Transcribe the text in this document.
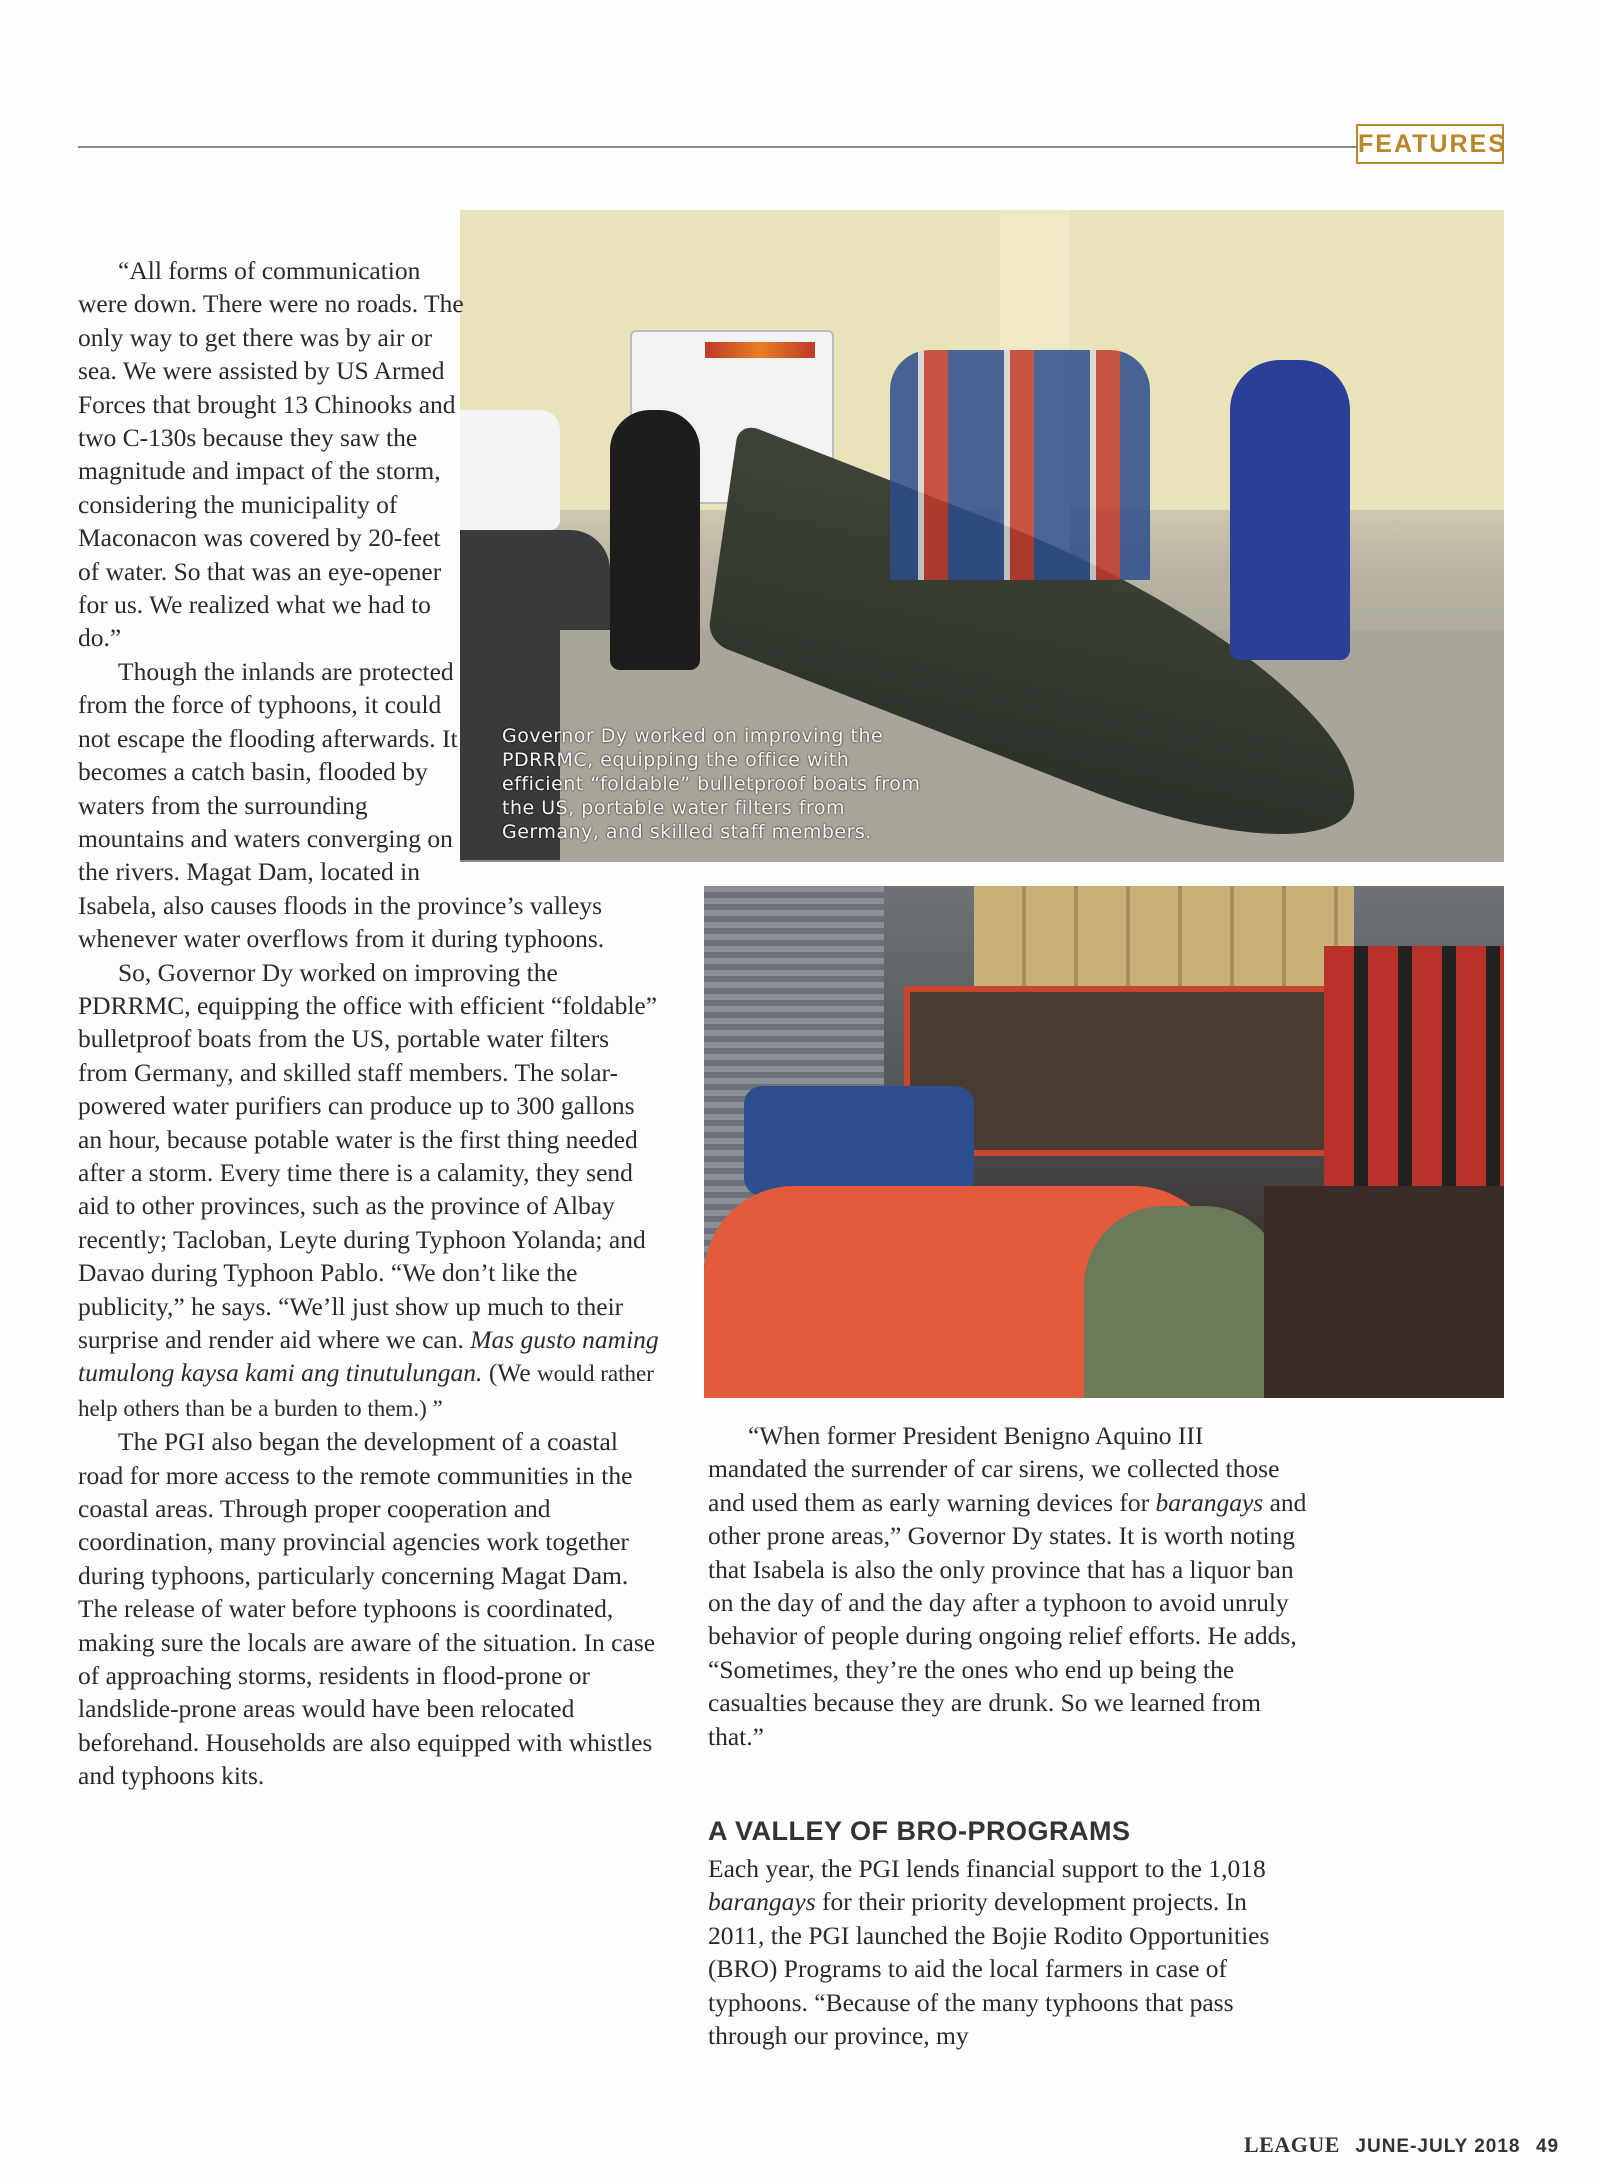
FEATURES

Governor Dy worked on improving the PDRRMC, equipping the office with efficient “foldable” bulletproof boats from the US, portable water filters from Germany, and skilled staff members.

“All forms of communication were down. There were no roads. The only way to get there was by air or sea. We were assisted by US Armed Forces that brought 13 Chinooks and two C-130s because they saw the magnitude and impact of the storm, considering the municipality of Maconacon was covered by 20-feet of water. So that was an eye-opener for us. We realized what we had to do.”

Though the inlands are protected from the force of typhoons, it could not escape the flooding afterwards. It becomes a catch basin, flooded by waters from the surrounding mountains and waters converging on the rivers. Magat Dam, located in Isabela, also causes floods in the province’s valleys whenever water overflows from it during typhoons.

So, Governor Dy worked on improving the PDRRMC, equipping the office with efficient “foldable” bulletproof boats from the US, portable water filters from Germany, and skilled staff members. The solar-powered water purifiers can produce up to 300 gallons an hour, because potable water is the first thing needed after a storm. Every time there is a calamity, they send aid to other provinces, such as the province of Albay recently; Tacloban, Leyte during Typhoon Yolanda; and Davao during Typhoon Pablo. “We don’t like the publicity,” he says. “We’ll just show up much to their surprise and render aid where we can. Mas gusto naming tumulong kaysa kami ang tinutulungan. (We would rather help others than be a burden to them.) ”

The PGI also began the development of a coastal road for more access to the remote communities in the coastal areas. Through proper cooperation and coordination, many provincial agencies work together during typhoons, particularly concerning Magat Dam. The release of water before typhoons is coordinated, making sure the locals are aware of the situation. In case of approaching storms, residents in flood-prone or landslide-prone areas would have been relocated beforehand. Households are also equipped with whistles and typhoons kits.

“When former President Benigno Aquino III mandated the surrender of car sirens, we collected those and used them as early warning devices for barangays and other prone areas,” Governor Dy states. It is worth noting that Isabela is also the only province that has a liquor ban on the day of and the day after a typhoon to avoid unruly behavior of people during ongoing relief efforts. He adds, “Sometimes, they’re the ones who end up being the casualties because they are drunk. So we learned from that.”

A VALLEY OF BRO-PROGRAMS

Each year, the PGI lends financial support to the 1,018 barangays for their priority development projects. In 2011, the PGI launched the Bojie Rodito Opportunities (BRO) Programs to aid the local farmers in case of typhoons. “Because of the many typhoons that pass through our province, my

LEAGUE JUNE-JULY 2018 49
